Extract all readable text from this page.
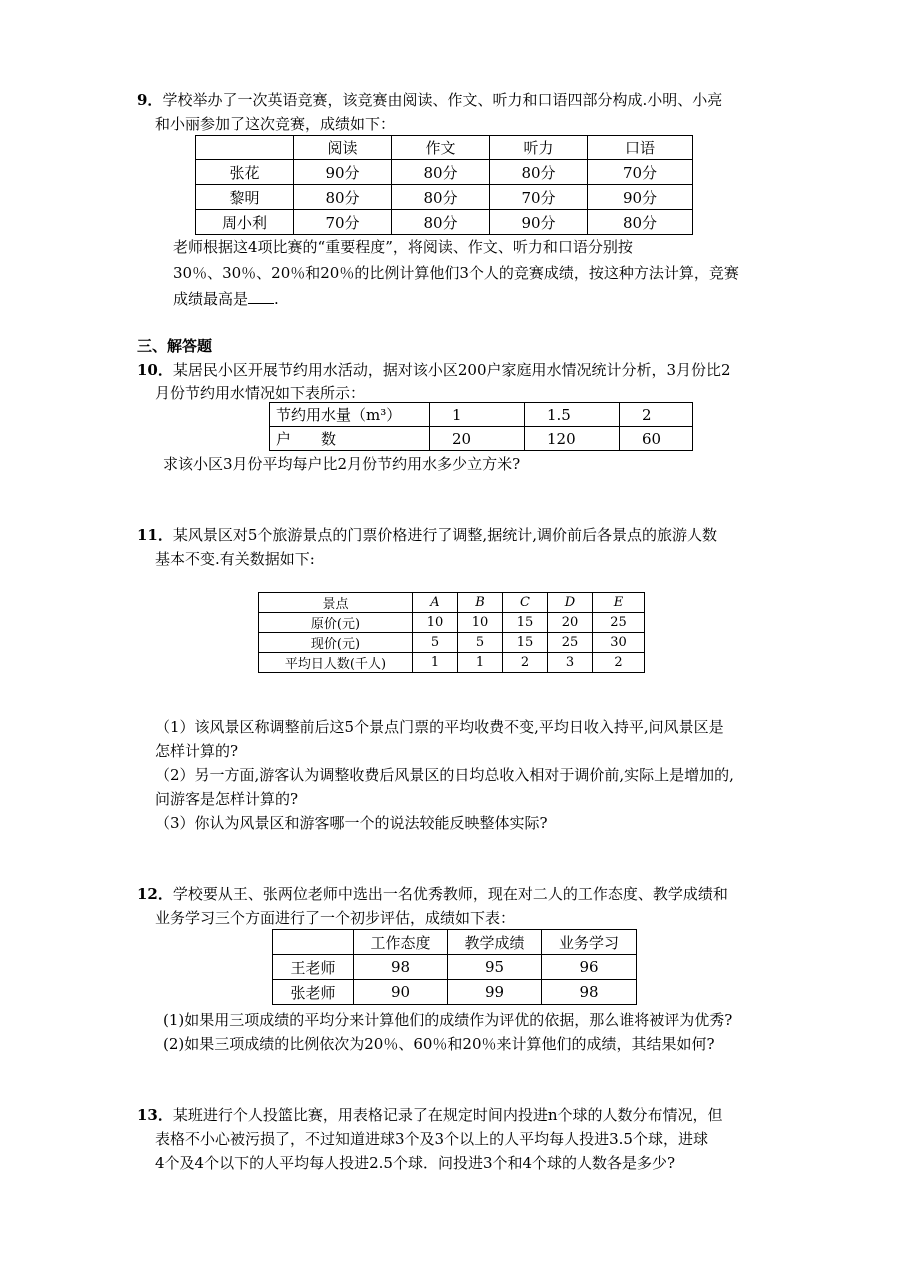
9．学校举办了一次英语竞赛，该竞赛由阅读、作文、听力和口语四部分构成.小明、小亮
和小丽参加了这次竞赛，成绩如下：
	阅读	作文	听力	口语
张花	90分	80分	80分	70分
黎明	80分	80分	70分	90分
周小利	70分	80分	90分	80分
老师根据这4项比赛的“重要程度”，将阅读、作文、听力和口语分别按
30％、30％、20％和20％的比例计算他们3个人的竞赛成绩，按这种方法计算，竞赛
成绩最高是 .
三、解答题
10．某居民小区开展节约用水活动，据对该小区200户家庭用水情况统计分析，3月份比2
月份节约用水情况如下表所示：
节约用水量（m³）	1	1.5	2
户　　数	20	120	60
求该小区3月份平均每户比2月份节约用水多少立方米?
11．某风景区对5个旅游景点的门票价格进行了调整,据统计,调价前后各景点的旅游人数
基本不变.有关数据如下:
景点	A	B	C	D	E
原价(元)	10	10	15	20	25
现价(元)	5	5	15	25	30
平均日人数(千人)	1	1	2	3	2
（1）该风景区称调整前后这5个景点门票的平均收费不变,平均日收入持平,问风景区是
怎样计算的?
（2）另一方面,游客认为调整收费后风景区的日均总收入相对于调价前,实际上是增加的,
问游客是怎样计算的?
（3）你认为风景区和游客哪一个的说法较能反映整体实际?
12．学校要从王、张两位老师中选出一名优秀教师，现在对二人的工作态度、教学成绩和
业务学习三个方面进行了一个初步评估，成绩如下表：
	工作态度	教学成绩	业务学习
王老师	98	95	96
张老师	90	99	98
(1)如果用三项成绩的平均分来计算他们的成绩作为评优的依据，那么谁将被评为优秀?
(2)如果三项成绩的比例依次为20％、60％和20％来计算他们的成绩，其结果如何?
13．某班进行个人投篮比赛，用表格记录了在规定时间内投进n个球的人数分布情况，但
表格不小心被污损了，不过知道进球3个及3个以上的人平均每人投进3.5个球，进球
4个及4个以下的人平均每人投进2.5个球．问投进3个和4个球的人数各是多少?
